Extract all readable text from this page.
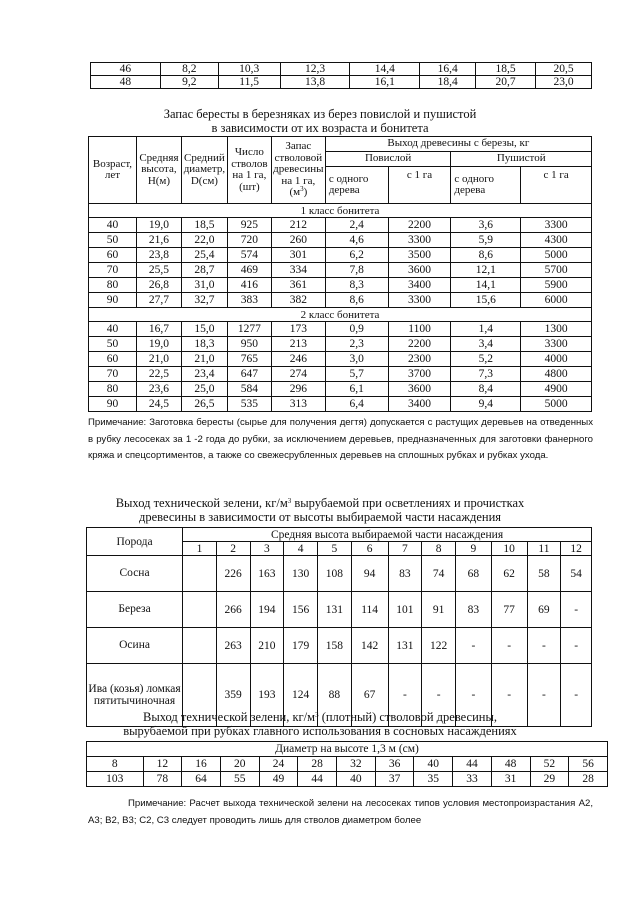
46	8,2	10,3	12,3	14,4	16,4	18,5	20,5
48	9,2	11,5	13,8	16,1	18,4	20,7	23,0
Запас бересты в березняках из берез повислой и пушистой
в зависимости от их возраста и бонитета
Возраст, лет	Средняя высота, Н(м)	Средний диаметр, D(см)	Число стволов на 1 га, (шт)	Запас стволовой древесины на 1 га, $(м^3)$	Выход древесины с березы, кг			
					Повислой		Пушистой	
					с одного дерева	с 1 га	с одного дерева	с 1 га
1 класс бонитета								
40	19,0	18,5	925	212	2,4	2200	3,6	3300
50	21,6	22,0	720	260	4,6	3300	5,9	4300
60	23,8	25,4	574	301	6,2	3500	8,6	5000
70	25,5	28,7	469	334	7,8	3600	12,1	5700
80	26,8	31,0	416	361	8,3	3400	14,1	5900
90	27,7	32,7	383	382	8,6	3300	15,6	6000
2 класс бонитета								
40	16,7	15,0	1277	173	0,9	1100	1,4	1300
50	19,0	18,3	950	213	2,3	2200	3,4	3300
60	21,0	21,0	765	246	3,0	2300	5,2	4000
70	22,5	23,4	647	274	5,7	3700	7,3	4800
80	23,6	25,0	584	296	6,1	3600	8,4	4900
90	24,5	26,5	535	313	6,4	3400	9,4	5000
Примечание: Заготовка бересты (сырье для получения дегтя) допускается с растущих деревьев на отведенных в рубку лесосеках за 1 -2 года до рубки, за исключением деревьев, предназначенных для заготовки фанерного кряжа и спецсортиментов, а также со свежесрубленных деревьев на сплошных рубках и рубках ухода.
Выход технической зелени, $кг/м^3$ вырубаемой при осветлениях и прочистках
древесины в зависимости от высоты выбираемой части насаждения
Порода	Средняя высота выбираемой части насаждения											
	1	2	3	4	5	6	7	8	9	10	11	12
Сосна		226	163	130	108	94	83	74	68	62	58	54
Береза		266	194	156	131	114	101	91	83	77	69	-
Осина		263	210	179	158	142	131	122	-	-	-	-
Ива (козья) ломкая пятитычиночная		359	193	124	88	67	-	-	-	-	-	-
Выход технической зелени, $кг/м^3$ (плотный) стволовой древесины,
вырубаемой при рубках главного использования в сосновых насаждениях
Диаметр на высоте 1,3 м (см)												
8	12	16	20	24	28	32	36	40	44	48	52	56
103	78	64	55	49	44	40	37	35	33	31	29	28
Примечание: Расчет выхода технической зелени на лесосеках типов условия местопроизрастания А2, А3; В2, В3; С2, С3 следует проводить лишь для стволов диаметром более
